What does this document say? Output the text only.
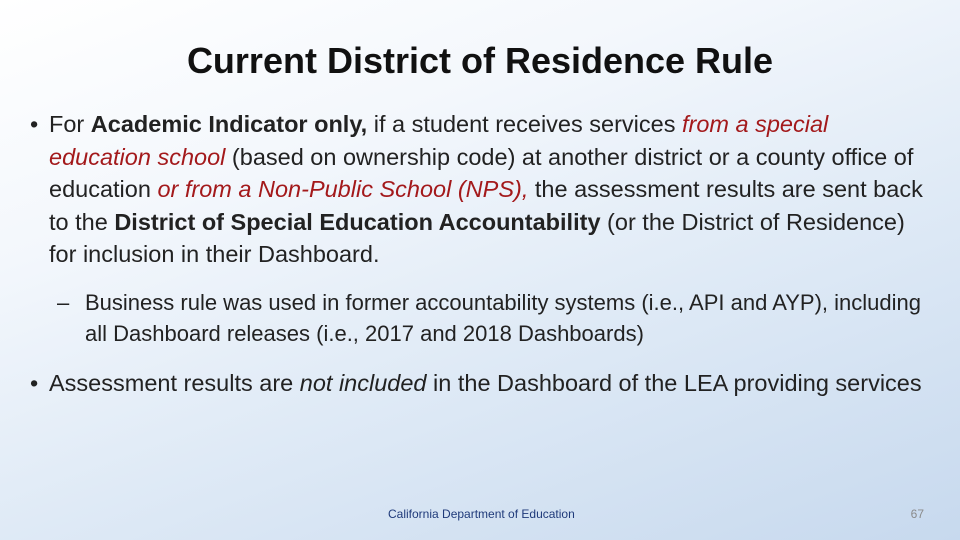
Current District of Residence Rule
• For Academic Indicator only, if a student receives services from a special education school (based on ownership code) at another district or a county office of education or from a Non-Public School (NPS), the assessment results are sent back to the District of Special Education Accountability (or the District of Residence) for inclusion in their Dashboard.
– Business rule was used in former accountability systems (i.e., API and AYP), including all Dashboard releases (i.e., 2017 and 2018 Dashboards)
• Assessment results are not included in the Dashboard of the LEA providing services
California Department of Education	67
